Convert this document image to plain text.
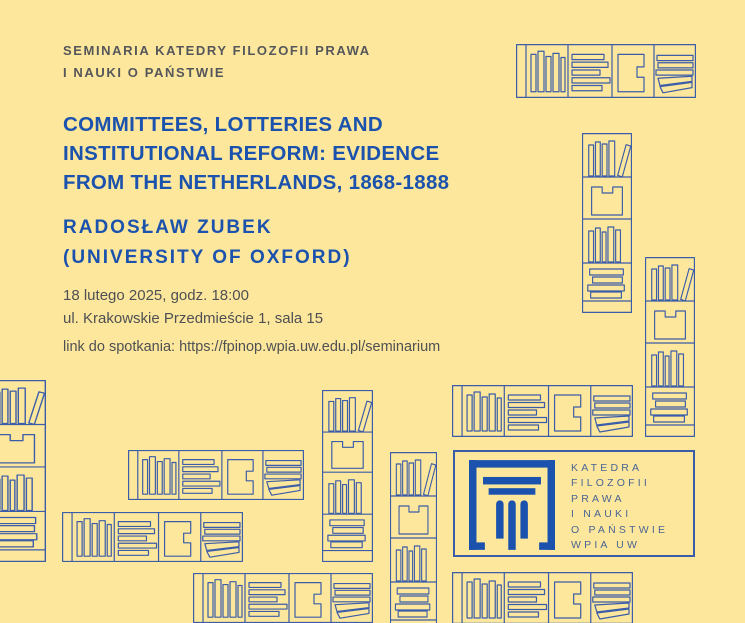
SEMINARIA KATEDRY FILOZOFII PRAWA
I NAUKI O PAŃSTWIE
COMMITTEES, LOTTERIES AND
INSTITUTIONAL REFORM: EVIDENCE
FROM THE NETHERLANDS, 1868-1888
RADOSŁAW ZUBEK
(UNIVERSITY OF OXFORD)
18 lutego 2025, godz. 18:00
ul. Krakowskie Przedmieście 1, sala 15
link do spotkania: https://fpinop.wpia.uw.edu.pl/seminarium
KATEDRA
FILOZOFII
PRAWA
I NAUKI
O PAŃSTWIE
WPIA UW
